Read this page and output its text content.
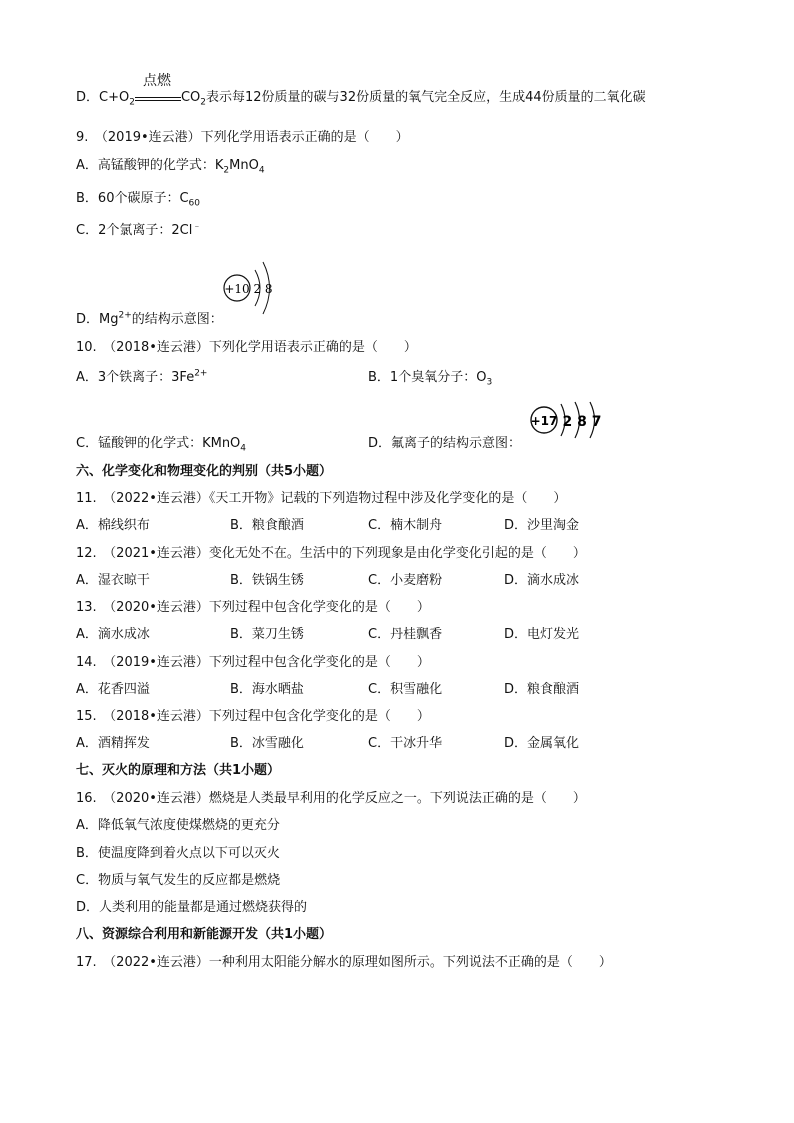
D．$C+O_2$
点燃
$CO_2$表示每12份质量的碳与32份质量的氧气完全反应，生成44份质量的二氧化碳
9.　（2019•连云港）下列化学用语表示正确的是（　　）
A．高锰酸钾的化学式：$K_2MnO_4$
B．60个碳原子：$C_{60}$
C．2个氯离子：2Cl﹣
+10 2 8
D．$Mg^{2+}$的结构示意图：
10.　（2018•连云港）下列化学用语表示正确的是（　　）
A．3个铁离子：$3Fe^{2+}$	B．1个臭氧分子：$O_3$
+17 2 8 7
C．锰酸钾的化学式：KMnO$_4$	D．氟离子的结构示意图：
六、化学变化和物理变化的判别（共5小题）
11.　（2022•连云港）《天工开物》记载的下列造物过程中涉及化学变化的是（　　）
A．棉线织布	B．粮食酿酒	C．楠木制舟	D．沙里淘金
12.　（2021•连云港）变化无处不在。生活中的下列现象是由化学变化引起的是（　　）
A．湿衣晾干	B．铁锅生锈	C．小麦磨粉	D．滴水成冰
13.　（2020•连云港）下列过程中包含化学变化的是（　　）
A．滴水成冰	B．菜刀生锈	C．丹桂飘香	D．电灯发光
14.　（2019•连云港）下列过程中包含化学变化的是（　　）
A．花香四溢	B．海水晒盐	C．积雪融化	D．粮食酿酒
15.　（2018•连云港）下列过程中包含化学变化的是（　　）
A．酒精挥发	B．冰雪融化	C．干冰升华	D．金属氧化
七、灭火的原理和方法（共1小题）
16.　（2020•连云港）燃烧是人类最早利用的化学反应之一。下列说法正确的是（　　）
A．降低氧气浓度使煤燃烧的更充分
B．使温度降到着火点以下可以灭火
C．物质与氧气发生的反应都是燃烧
D．人类利用的能量都是通过燃烧获得的
八、资源综合利用和新能源开发（共1小题）
17.　（2022•连云港）一种利用太阳能分解水的原理如图所示。下列说法不正确的是（　　）
